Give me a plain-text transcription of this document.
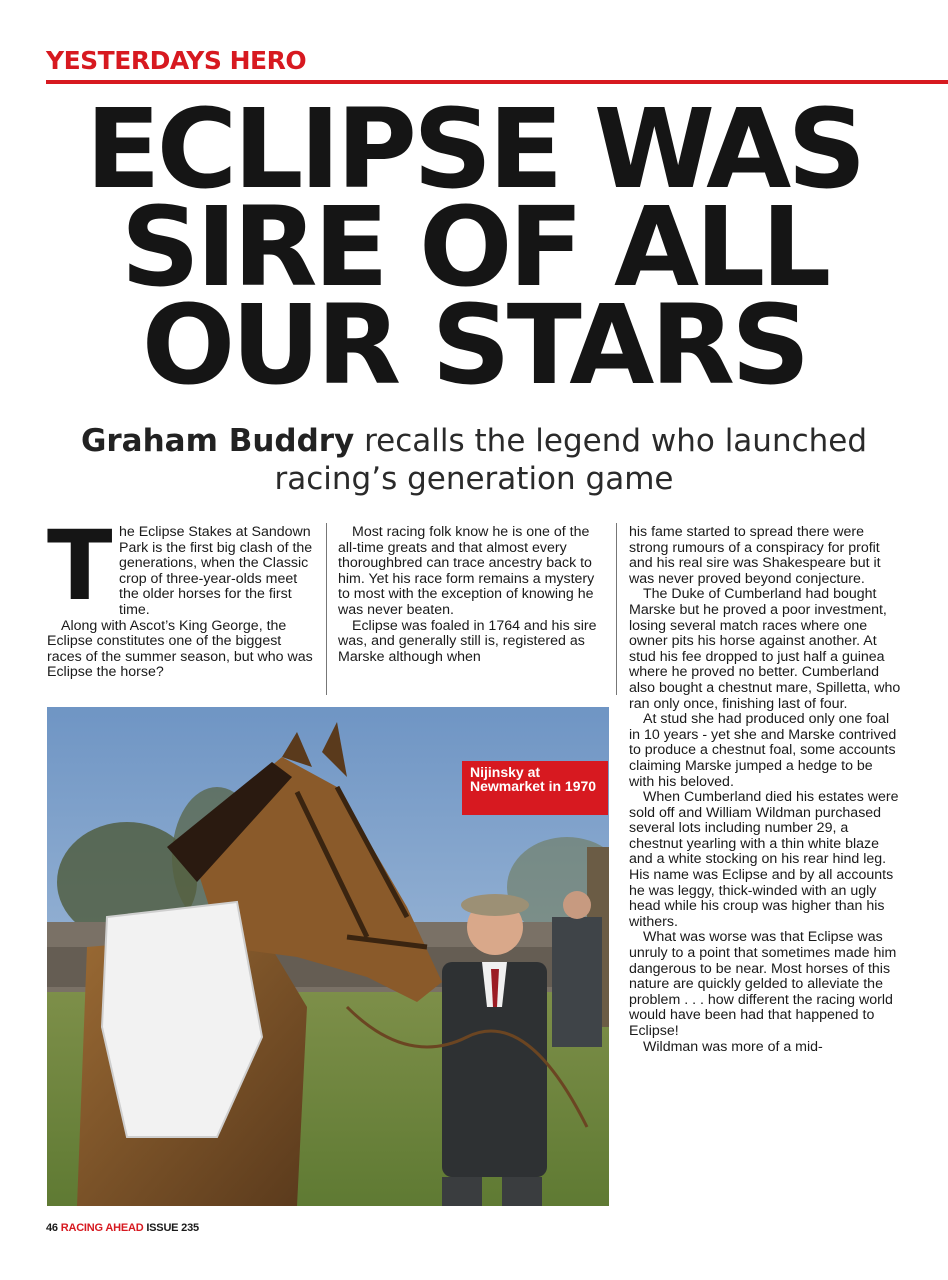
YESTERDAYS HERO
ECLIPSE WAS
SIRE OF ALL
OUR STARS
Graham Buddry recalls the legend who launched racing’s generation game

The Eclipse Stakes at Sandown Park is the first big clash of the generations, when the Classic crop of three-year-olds meet the older horses for the first time.

Along with Ascot’s King George, the Eclipse constitutes one of the biggest races of the summer season, but who was Eclipse the horse?

Most racing folk know he is one of the all-time greats and that almost every thoroughbred can trace ancestry back to him. Yet his race form remains a mystery to most with the exception of knowing he was never beaten.

Eclipse was foaled in 1764 and his sire was, and generally still is, registered as Marske although when

his fame started to spread there were strong rumours of a conspiracy for profit and his real sire was Shakespeare but it was never proved beyond conjecture.

The Duke of Cumberland had bought Marske but he proved a poor investment, losing several match races where one owner pits his horse against another. At stud his fee dropped to just half a guinea where he proved no better. Cumberland also bought a chestnut mare, Spilletta, who ran only once, finishing last of four.

At stud she had produced only one foal in 10 years - yet she and Marske contrived to produce a chestnut foal, some accounts claiming Marske jumped a hedge to be with his beloved.

When Cumberland died his estates were sold off and William Wildman purchased several lots including number 29, a chestnut yearling with a thin white blaze and a white stocking on his rear hind leg. His name was Eclipse and by all accounts he was leggy, thick-winded with an ugly head while his croup was higher than his withers.

What was worse was that Eclipse was unruly to a point that sometimes made him dangerous to be near. Most horses of this nature are quickly gelded to alleviate the problem . . . how different the racing world would have been had that happened to Eclipse!

Wildman was more of a mid-

Nijinsky at Newmarket in 1970
46 RACING AHEAD ISSUE 235
